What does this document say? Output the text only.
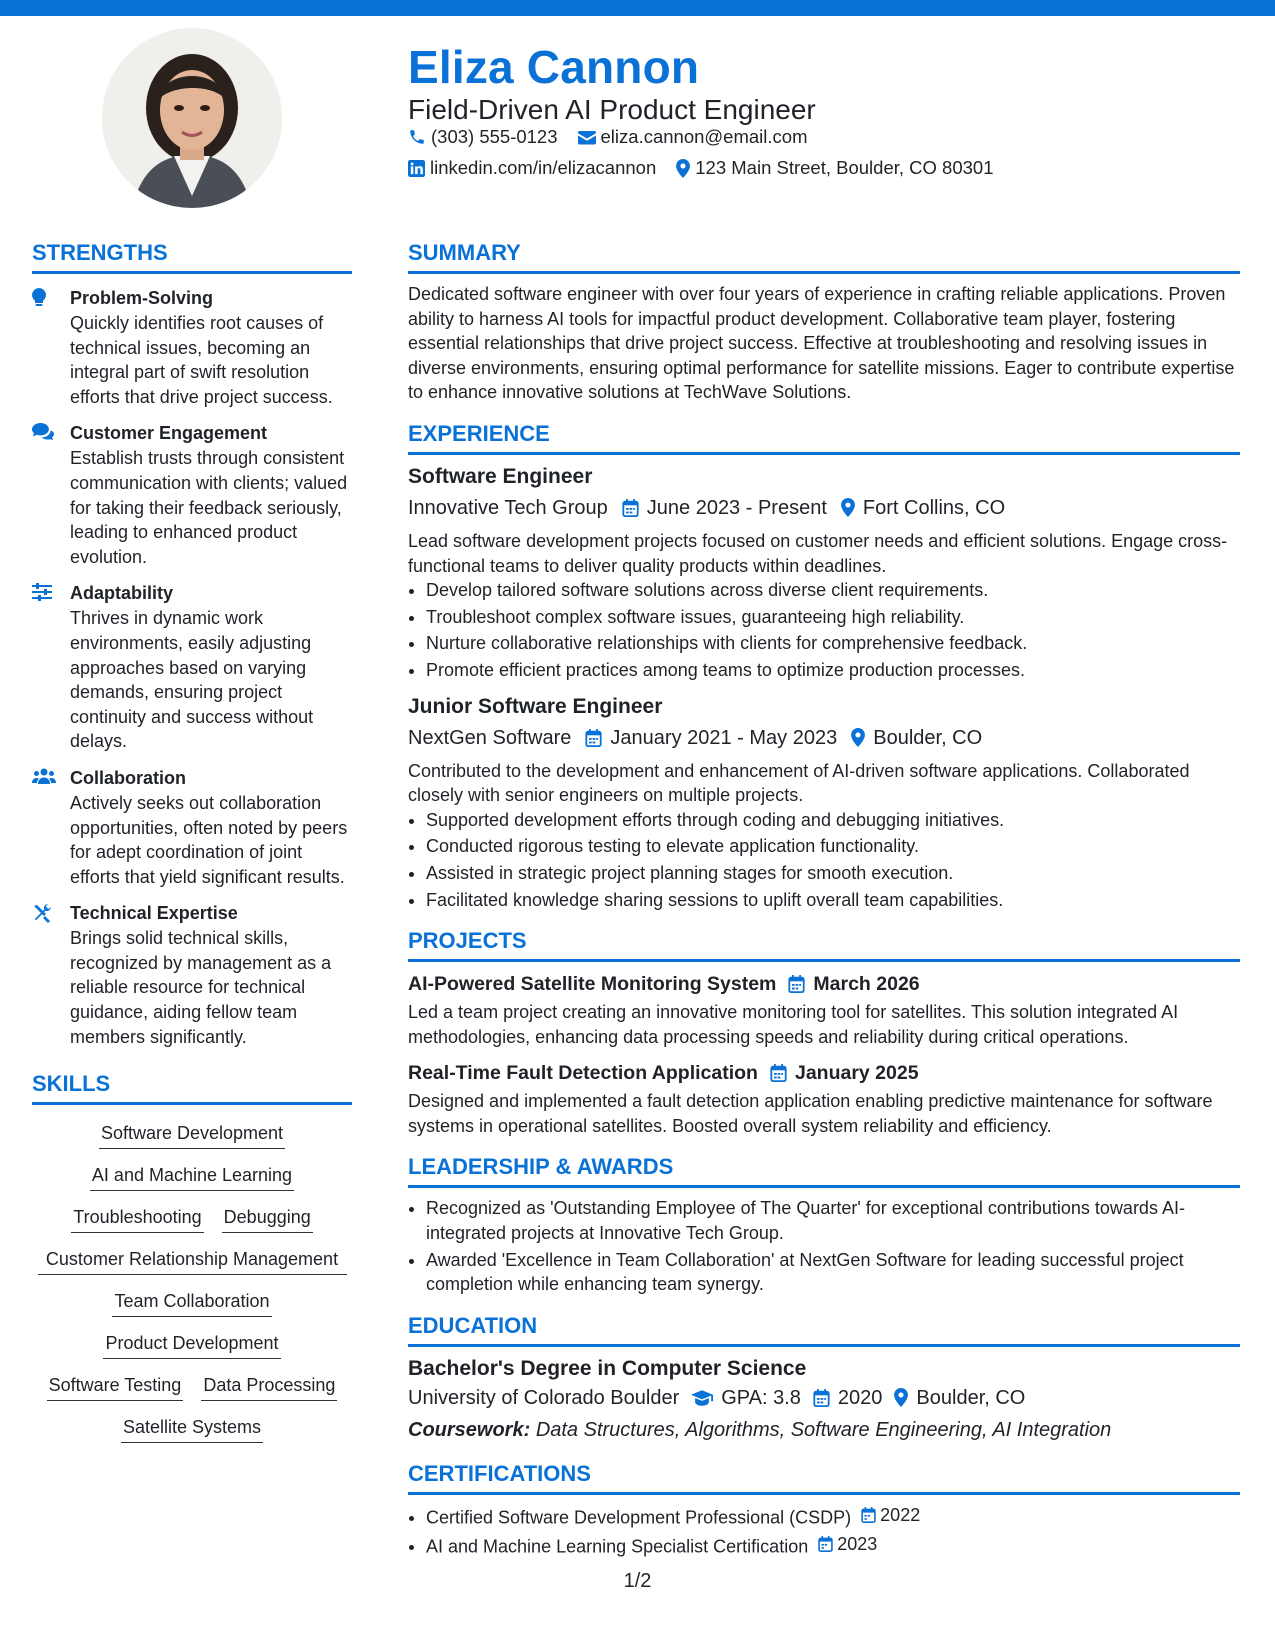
Eliza Cannon
Field-Driven AI Product Engineer
(303) 555-0123 eliza.cannon@email.com
linkedin.com/in/elizacannon 123 Main Street, Boulder, CO 80301
STRENGTHS
Problem-Solving
Quickly identifies root causes of technical issues, becoming an integral part of swift resolution efforts that drive project success.
Customer Engagement
Establish trusts through consistent communication with clients; valued for taking their feedback seriously, leading to enhanced product evolution.
Adaptability
Thrives in dynamic work environments, easily adjusting approaches based on varying demands, ensuring project continuity and success without delays.
Collaboration
Actively seeks out collaboration opportunities, often noted by peers for adept coordination of joint efforts that yield significant results.
Technical Expertise
Brings solid technical skills, recognized by management as a reliable resource for technical guidance, aiding fellow team members significantly.
SKILLS
Software Development
AI and Machine Learning
Troubleshooting Debugging
Customer Relationship Management
Team Collaboration
Product Development
Software Testing Data Processing
Satellite Systems
SUMMARY

Dedicated software engineer with over four years of experience in crafting reliable applications. Proven ability to harness AI tools for impactful product development. Collaborative team player, fostering essential relationships that drive project success. Effective at troubleshooting and resolving issues in diverse environments, ensuring optimal performance for satellite missions. Eager to contribute expertise to enhance innovative solutions at TechWave Solutions.

EXPERIENCE
Software Engineer
Innovative Tech Group June 2023 - Present Fort Collins, CO

Lead software development projects focused on customer needs and efficient solutions. Engage cross-functional teams to deliver quality products within deadlines.

• Develop tailored software solutions across diverse client requirements.
• Troubleshoot complex software issues, guaranteeing high reliability.
• Nurture collaborative relationships with clients for comprehensive feedback.
• Promote efficient practices among teams to optimize production processes.
Junior Software Engineer
NextGen Software January 2021 - May 2023 Boulder, CO

Contributed to the development and enhancement of AI-driven software applications. Collaborated closely with senior engineers on multiple projects.

• Supported development efforts through coding and debugging initiatives.
• Conducted rigorous testing to elevate application functionality.
• Assisted in strategic project planning stages for smooth execution.
• Facilitated knowledge sharing sessions to uplift overall team capabilities.
PROJECTS
AI-Powered Satellite Monitoring System March 2026

Led a team project creating an innovative monitoring tool for satellites. This solution integrated AI methodologies, enhancing data processing speeds and reliability during critical operations.

Real-Time Fault Detection Application January 2025

Designed and implemented a fault detection application enabling predictive maintenance for software systems in operational satellites. Boosted overall system reliability and efficiency.

LEADERSHIP & AWARDS
• Recognized as 'Outstanding Employee of The Quarter' for exceptional contributions towards AI-integrated projects at Innovative Tech Group.
• Awarded 'Excellence in Team Collaboration' at NextGen Software for leading successful project completion while enhancing team synergy.
EDUCATION
Bachelor's Degree in Computer Science
University of Colorado Boulder GPA: 3.8 2020 Boulder, CO
Coursework: Data Structures, Algorithms, Software Engineering, AI Integration
CERTIFICATIONS
• Certified Software Development Professional (CSDP) 2022
• AI and Machine Learning Specialist Certification 2023
1/2
